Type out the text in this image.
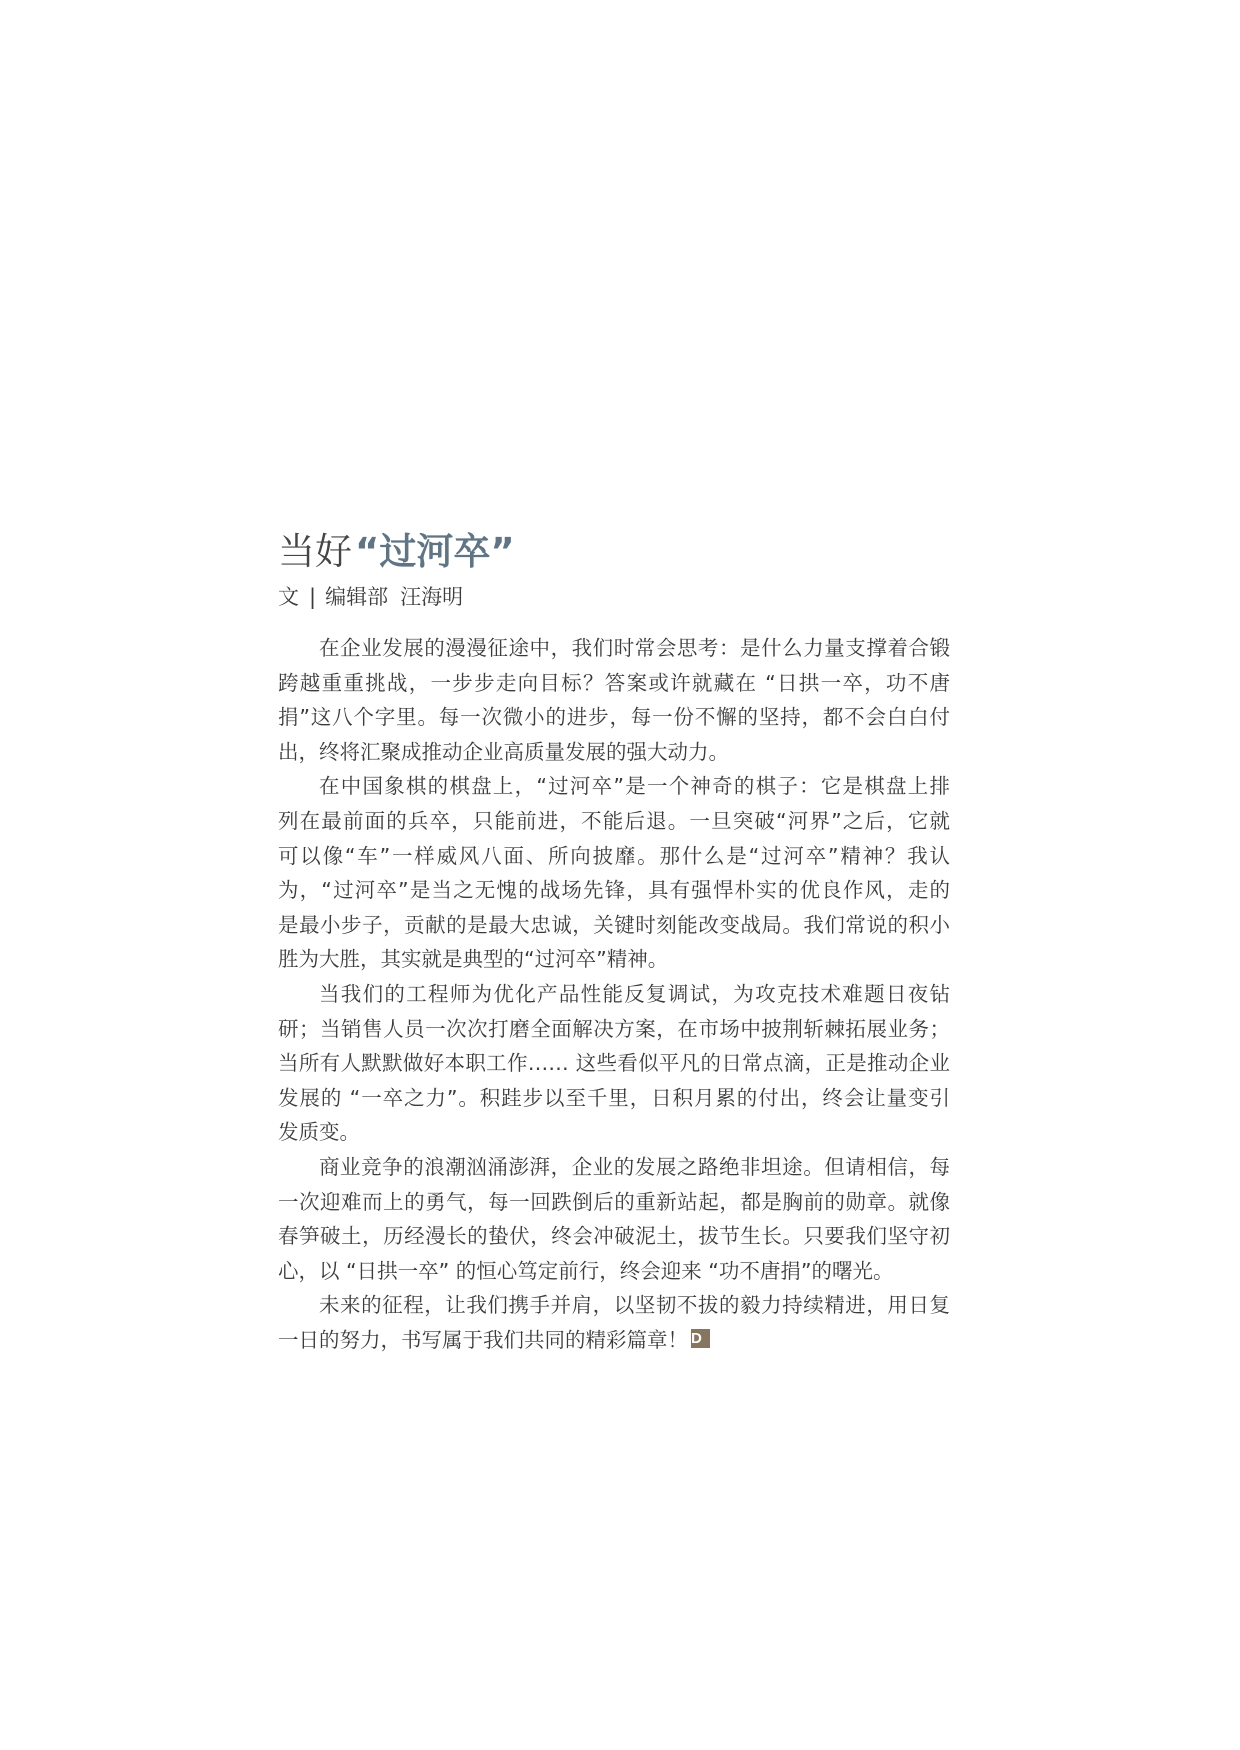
当好“过河卒”
文 | 编辑部 汪海明
在企业发展的漫漫征途中，我们时常会思考：是什么力量支撑着合锻
跨越重重挑战，一步步走向目标？答案或许就藏在 “日拱一卒，功不唐
捐”这八个字里。每一次微小的进步，每一份不懈的坚持，都不会白白付
出，终将汇聚成推动企业高质量发展的强大动力。
在中国象棋的棋盘上，“过河卒”是一个神奇的棋子：它是棋盘上排
列在最前面的兵卒，只能前进，不能后退。一旦突破“河界”之后，它就
可以像“车”一样威风八面、所向披靡。那什么是“过河卒”精神？我认
为，“过河卒”是当之无愧的战场先锋，具有强悍朴实的优良作风，走的
是最小步子，贡献的是最大忠诚，关键时刻能改变战局。我们常说的积小
胜为大胜，其实就是典型的“过河卒”精神。
当我们的工程师为优化产品性能反复调试，为攻克技术难题日夜钻
研；当销售人员一次次打磨全面解决方案，在市场中披荆斩棘拓展业务；
当所有人默默做好本职工作…… 这些看似平凡的日常点滴，正是推动企业
发展的 “一卒之力”。积跬步以至千里，日积月累的付出，终会让量变引
发质变。
商业竞争的浪潮汹涌澎湃，企业的发展之路绝非坦途。但请相信，每
一次迎难而上的勇气，每一回跌倒后的重新站起，都是胸前的勋章。就像
春笋破土，历经漫长的蛰伏，终会冲破泥土，拔节生长。只要我们坚守初
心，以 “日拱一卒” 的恒心笃定前行，终会迎来 “功不唐捐”的曙光。
未来的征程，让我们携手并肩，以坚韧不拔的毅力持续精进，用日复
一日的努力，书写属于我们共同的精彩篇章！ D
